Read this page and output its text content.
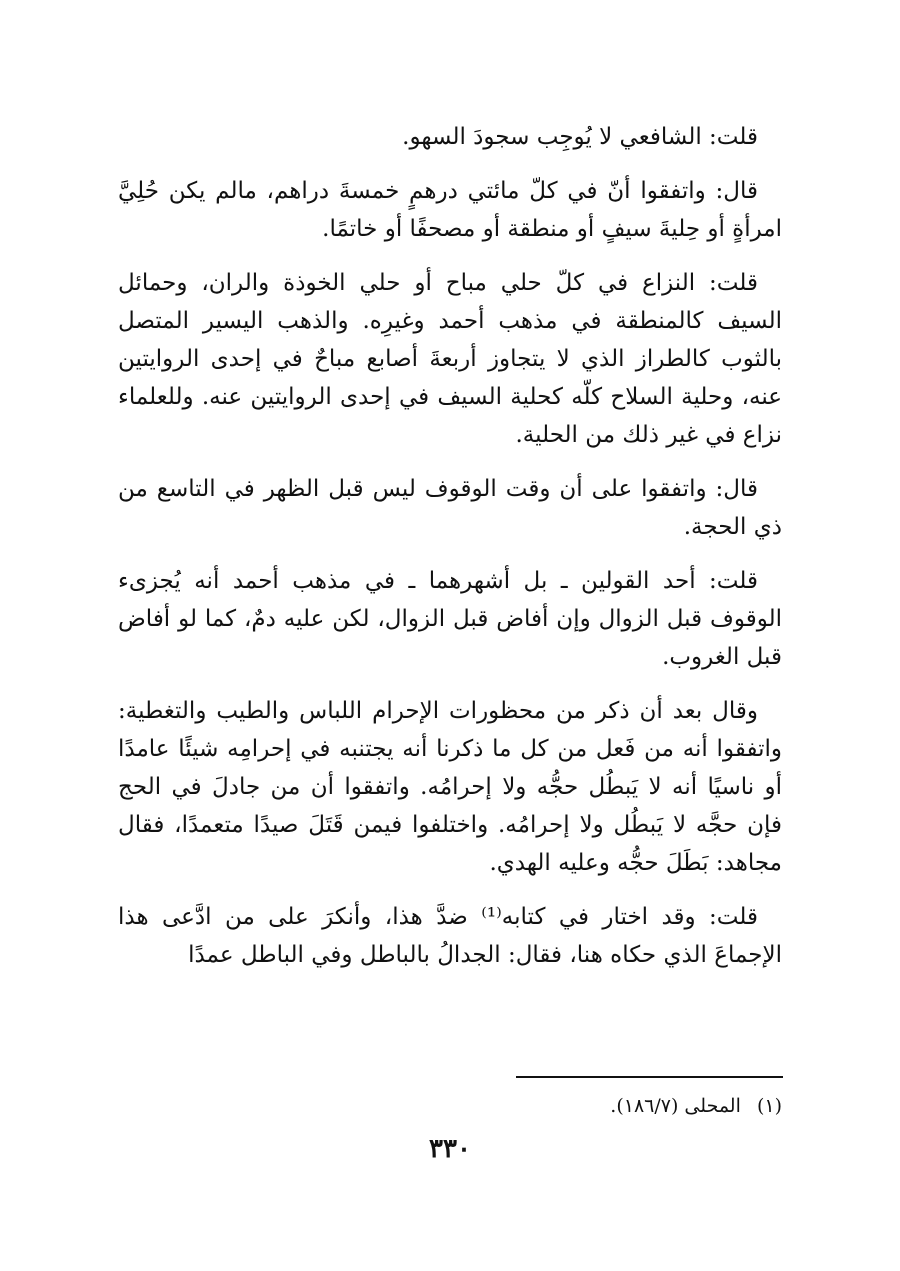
قلت: الشافعي لا يُوجِب سجودَ السهو.

قال: واتفقوا أنّ في كلّ مائتي درهمٍ خمسةَ دراهم، مالم يكن حُلِيَّ امرأةٍ أو حِليةَ سيفٍ أو منطقة أو مصحفًا أو خاتمًا.

قلت: النزاع في كلّ حلي مباح أو حلي الخوذة والران، وحمائل السيف كالمنطقة في مذهب أحمد وغيرِه. والذهب اليسير المتصل بالثوب كالطراز الذي لا يتجاوز أربعةَ أصابع مباحٌ في إحدى الروايتين عنه، وحلية السلاح كلّه كحلية السيف في إحدى الروايتين عنه. وللعلماء نزاع في غير ذلك من الحلية.

قال: واتفقوا على أن وقت الوقوف ليس قبل الظهر في التاسع من ذي الحجة.

قلت: أحد القولين ـ بل أشهرهما ـ في مذهب أحمد أنه يُجزىء الوقوف قبل الزوال وإن أفاض قبل الزوال، لكن عليه دمٌ، كما لو أفاض قبل الغروب.

وقال بعد أن ذكر من محظورات الإحرام اللباس والطيب والتغطية: واتفقوا أنه من فَعل من كل ما ذكرنا أنه يجتنبه في إحرامِه شيئًا عامدًا أو ناسيًا أنه لا يَبطُل حجُّه ولا إحرامُه. واتفقوا أن من جادلَ في الحج فإن حجَّه لا يَبطُل ولا إحرامُه. واختلفوا فيمن قَتَلَ صيدًا متعمدًا، فقال مجاهد: بَطَلَ حجُّه وعليه الهدي.

قلت: وقد اختار في كتابه⁽¹⁾ ضدَّ هذا، وأنكرَ على من ادَّعى هذا الإجماعَ الذي حكاه هنا، فقال: الجدالُ بالباطل وفي الباطل عمدًا

(١) المحلى (١٨٦/٧).
٣٣٠
